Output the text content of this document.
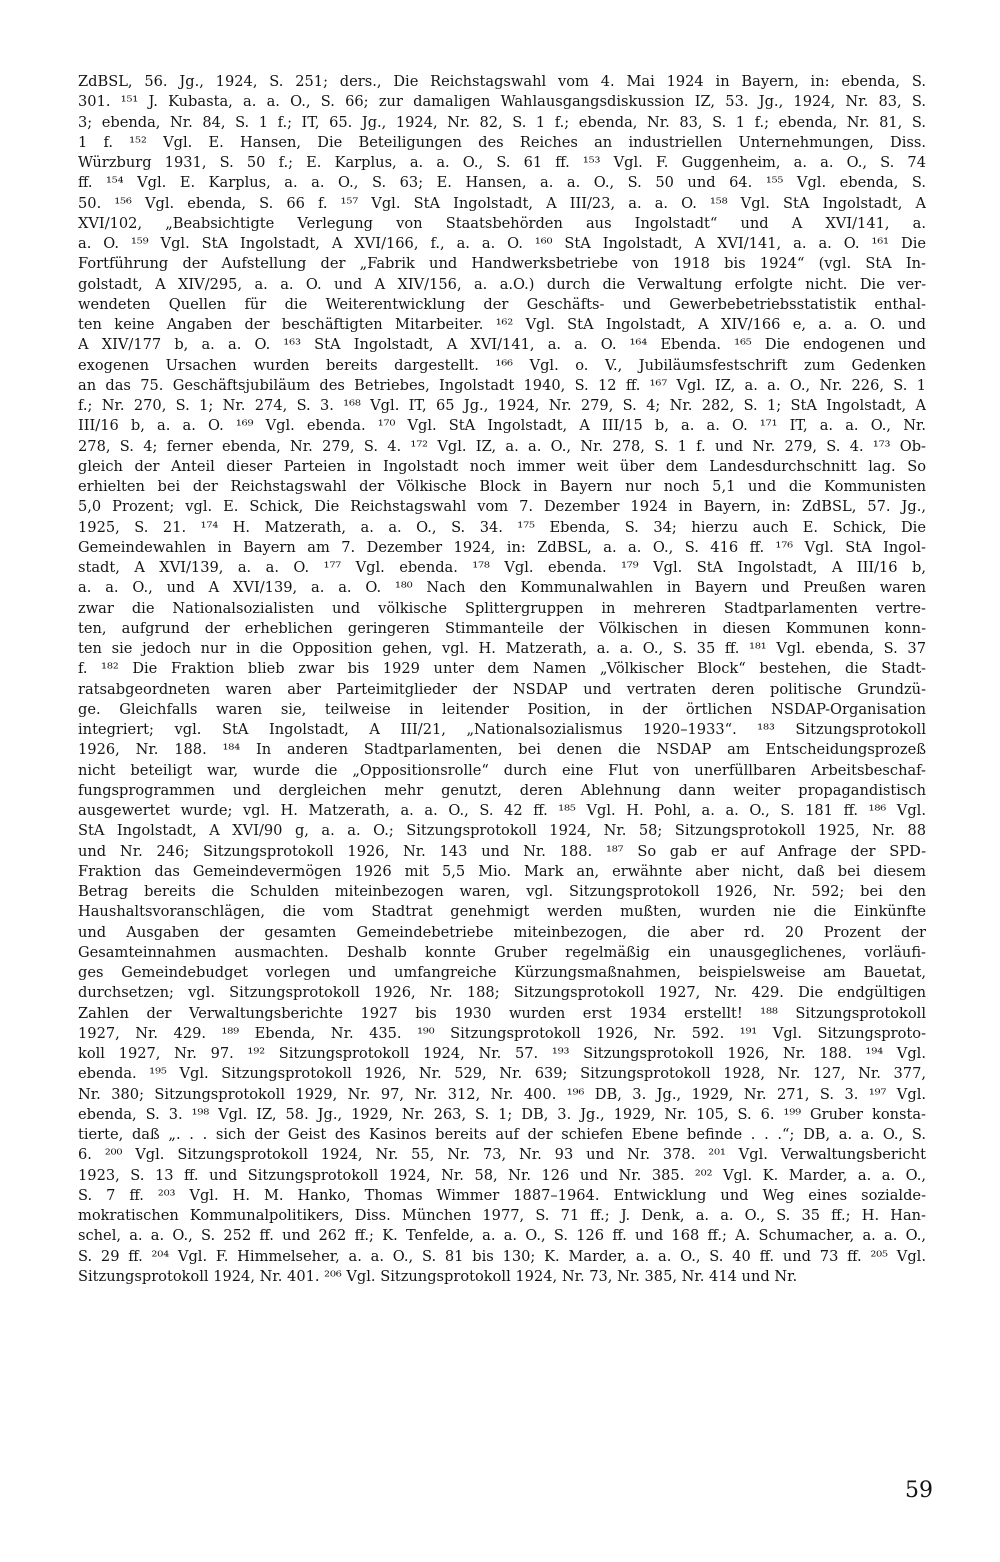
ZdBSL, 56. Jg., 1924, S. 251; ders., Die Reichstagswahl vom 4. Mai 1924 in Bayern, in: ebenda, S.
301. ¹⁵¹ J. Kubasta, a. a. O., S. 66; zur damaligen Wahlausgangsdiskussion IZ, 53. Jg., 1924, Nr. 83, S.
3; ebenda, Nr. 84, S. 1 f.; IT, 65. Jg., 1924, Nr. 82, S. 1 f.; ebenda, Nr. 83, S. 1 f.; ebenda, Nr. 81, S.
1 f. ¹⁵² Vgl. E. Hansen, Die Beteiligungen des Reiches an industriellen Unternehmungen, Diss.
Würzburg 1931, S. 50 f.; E. Karplus, a. a. O., S. 61 ff. ¹⁵³ Vgl. F. Guggenheim, a. a. O., S. 74
ff. ¹⁵⁴ Vgl. E. Karplus, a. a. O., S. 63; E. Hansen, a. a. O., S. 50 und 64. ¹⁵⁵ Vgl. ebenda, S.
50. ¹⁵⁶ Vgl. ebenda, S. 66 f. ¹⁵⁷ Vgl. StA Ingolstadt, A III/23, a. a. O. ¹⁵⁸ Vgl. StA Ingolstadt, A
XVI/102, „Beabsichtigte Verlegung von Staatsbehörden aus Ingolstadt“ und A XVI/141, a.
a. O. ¹⁵⁹ Vgl. StA Ingolstadt, A XVI/166, f., a. a. O. ¹⁶⁰ StA Ingolstadt, A XVI/141, a. a. O. ¹⁶¹ Die
Fortführung der Aufstellung der „Fabrik und Handwerksbetriebe von 1918 bis 1924“ (vgl. StA In-
golstadt, A XIV/295, a. a. O. und A XIV/156, a. a.O.) durch die Verwaltung erfolgte nicht. Die ver-
wendeten Quellen für die Weiterentwicklung der Geschäfts- und Gewerbebetriebsstatistik enthal-
ten keine Angaben der beschäftigten Mitarbeiter. ¹⁶² Vgl. StA Ingolstadt, A XIV/166 e, a. a. O. und
A XIV/177 b, a. a. O. ¹⁶³ StA Ingolstadt, A XVI/141, a. a. O. ¹⁶⁴ Ebenda. ¹⁶⁵ Die endogenen und
exogenen Ursachen wurden bereits dargestellt. ¹⁶⁶ Vgl. o. V., Jubiläumsfestschrift zum Gedenken
an das 75. Geschäftsjubiläum des Betriebes, Ingolstadt 1940, S. 12 ff. ¹⁶⁷ Vgl. IZ, a. a. O., Nr. 226, S. 1
f.; Nr. 270, S. 1; Nr. 274, S. 3. ¹⁶⁸ Vgl. IT, 65 Jg., 1924, Nr. 279, S. 4; Nr. 282, S. 1; StA Ingolstadt, A
III/16 b, a. a. O. ¹⁶⁹ Vgl. ebenda. ¹⁷⁰ Vgl. StA Ingolstadt, A III/15 b, a. a. O. ¹⁷¹ IT, a. a. O., Nr.
278, S. 4; ferner ebenda, Nr. 279, S. 4. ¹⁷² Vgl. IZ, a. a. O., Nr. 278, S. 1 f. und Nr. 279, S. 4. ¹⁷³ Ob-
gleich der Anteil dieser Parteien in Ingolstadt noch immer weit über dem Landesdurchschnitt lag. So
erhielten bei der Reichstagswahl der Völkische Block in Bayern nur noch 5,1 und die Kommunisten
5,0 Prozent; vgl. E. Schick, Die Reichstagswahl vom 7. Dezember 1924 in Bayern, in: ZdBSL, 57. Jg.,
1925, S. 21. ¹⁷⁴ H. Matzerath, a. a. O., S. 34. ¹⁷⁵ Ebenda, S. 34; hierzu auch E. Schick, Die
Gemeindewahlen in Bayern am 7. Dezember 1924, in: ZdBSL, a. a. O., S. 416 ff. ¹⁷⁶ Vgl. StA Ingol-
stadt, A XVI/139, a. a. O. ¹⁷⁷ Vgl. ebenda. ¹⁷⁸ Vgl. ebenda. ¹⁷⁹ Vgl. StA Ingolstadt, A III/16 b,
a. a. O., und A XVI/139, a. a. O. ¹⁸⁰ Nach den Kommunalwahlen in Bayern und Preußen waren
zwar die Nationalsozialisten und völkische Splittergruppen in mehreren Stadtparlamenten vertre-
ten, aufgrund der erheblichen geringeren Stimmanteile der Völkischen in diesen Kommunen konn-
ten sie jedoch nur in die Opposition gehen, vgl. H. Matzerath, a. a. O., S. 35 ff. ¹⁸¹ Vgl. ebenda, S. 37
f. ¹⁸² Die Fraktion blieb zwar bis 1929 unter dem Namen „Völkischer Block“ bestehen, die Stadt-
ratsabgeordneten waren aber Parteimitglieder der NSDAP und vertraten deren politische Grundzü-
ge. Gleichfalls waren sie, teilweise in leitender Position, in der örtlichen NSDAP-Organisation
integriert; vgl. StA Ingolstadt, A III/21, „Nationalsozialismus 1920–1933“. ¹⁸³ Sitzungsprotokoll
1926, Nr. 188. ¹⁸⁴ In anderen Stadtparlamenten, bei denen die NSDAP am Entscheidungsprozeß
nicht beteiligt war, wurde die „Oppositionsrolle“ durch eine Flut von unerfüllbaren Arbeitsbeschaf-
fungsprogrammen und dergleichen mehr genutzt, deren Ablehnung dann weiter propagandistisch
ausgewertet wurde; vgl. H. Matzerath, a. a. O., S. 42 ff. ¹⁸⁵ Vgl. H. Pohl, a. a. O., S. 181 ff. ¹⁸⁶ Vgl.
StA Ingolstadt, A XVI/90 g, a. a. O.; Sitzungsprotokoll 1924, Nr. 58; Sitzungsprotokoll 1925, Nr. 88
und Nr. 246; Sitzungsprotokoll 1926, Nr. 143 und Nr. 188. ¹⁸⁷ So gab er auf Anfrage der SPD-
Fraktion das Gemeindevermögen 1926 mit 5,5 Mio. Mark an, erwähnte aber nicht, daß bei diesem
Betrag bereits die Schulden miteinbezogen waren, vgl. Sitzungsprotokoll 1926, Nr. 592; bei den
Haushaltsvoranschlägen, die vom Stadtrat genehmigt werden mußten, wurden nie die Einkünfte
und Ausgaben der gesamten Gemeindebetriebe miteinbezogen, die aber rd. 20 Prozent der
Gesamteinnahmen ausmachten. Deshalb konnte Gruber regelmäßig ein unausgeglichenes, vorläufi-
ges Gemeindebudget vorlegen und umfangreiche Kürzungsmaßnahmen, beispielsweise am Bauetat,
durchsetzen; vgl. Sitzungsprotokoll 1926, Nr. 188; Sitzungsprotokoll 1927, Nr. 429. Die endgültigen
Zahlen der Verwaltungsberichte 1927 bis 1930 wurden erst 1934 erstellt! ¹⁸⁸ Sitzungsprotokoll
1927, Nr. 429. ¹⁸⁹ Ebenda, Nr. 435. ¹⁹⁰ Sitzungsprotokoll 1926, Nr. 592. ¹⁹¹ Vgl. Sitzungsproto-
koll 1927, Nr. 97. ¹⁹² Sitzungsprotokoll 1924, Nr. 57. ¹⁹³ Sitzungsprotokoll 1926, Nr. 188. ¹⁹⁴ Vgl.
ebenda. ¹⁹⁵ Vgl. Sitzungsprotokoll 1926, Nr. 529, Nr. 639; Sitzungsprotokoll 1928, Nr. 127, Nr. 377,
Nr. 380; Sitzungsprotokoll 1929, Nr. 97, Nr. 312, Nr. 400. ¹⁹⁶ DB, 3. Jg., 1929, Nr. 271, S. 3. ¹⁹⁷ Vgl.
ebenda, S. 3. ¹⁹⁸ Vgl. IZ, 58. Jg., 1929, Nr. 263, S. 1; DB, 3. Jg., 1929, Nr. 105, S. 6. ¹⁹⁹ Gruber konsta-
tierte, daß „. . . sich der Geist des Kasinos bereits auf der schiefen Ebene befinde . . .“; DB, a. a. O., S.
6. ²⁰⁰ Vgl. Sitzungsprotokoll 1924, Nr. 55, Nr. 73, Nr. 93 und Nr. 378. ²⁰¹ Vgl. Verwaltungsbericht
1923, S. 13 ff. und Sitzungsprotokoll 1924, Nr. 58, Nr. 126 und Nr. 385. ²⁰² Vgl. K. Marder, a. a. O.,
S. 7 ff. ²⁰³ Vgl. H. M. Hanko, Thomas Wimmer 1887–1964. Entwicklung und Weg eines sozialde-
mokratischen Kommunalpolitikers, Diss. München 1977, S. 71 ff.; J. Denk, a. a. O., S. 35 ff.; H. Han-
schel, a. a. O., S. 252 ff. und 262 ff.; K. Tenfelde, a. a. O., S. 126 ff. und 168 ff.; A. Schumacher, a. a. O.,
S. 29 ff. ²⁰⁴ Vgl. F. Himmelseher, a. a. O., S. 81 bis 130; K. Marder, a. a. O., S. 40 ff. und 73 ff. ²⁰⁵ Vgl.
Sitzungsprotokoll 1924, Nr. 401. ²⁰⁶ Vgl. Sitzungsprotokoll 1924, Nr. 73, Nr. 385, Nr. 414 und Nr.
59
